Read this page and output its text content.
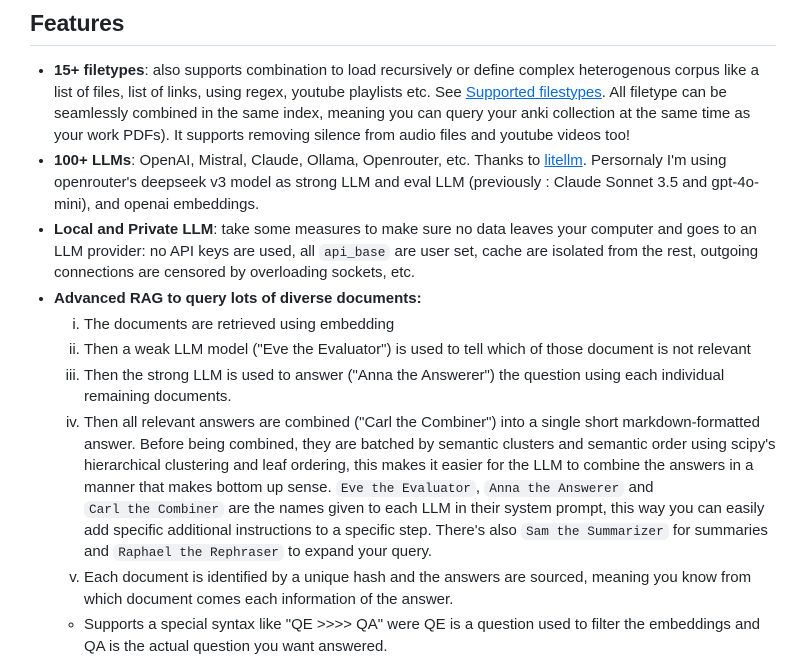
Features
• 15+ filetypes: also supports combination to load recursively or define complex heterogenous corpus like a list of files, list of links, using regex, youtube playlists etc. See Supported filestypes. All filetype can be seamlessly combined in the same index, meaning you can query your anki collection at the same time as your work PDFs). It supports removing silence from audio files and youtube videos too!
• 100+ LLMs: OpenAI, Mistral, Claude, Ollama, Openrouter, etc. Thanks to litellm. Persornaly I'm using openrouter's deepseek v3 model as strong LLM and eval LLM (previously : Claude Sonnet 3.5 and gpt-4o-mini), and openai embeddings.
• Local and Private LLM: take some measures to make sure no data leaves your computer and goes to an LLM provider: no API keys are used, all api_base are user set, cache are isolated from the rest, outgoing connections are censored by overloading sockets, etc.
• Advanced RAG to query lots of diverse documents:
i. The documents are retrieved using embedding
ii. Then a weak LLM model ("Eve the Evaluator") is used to tell which of those document is not relevant
iii. Then the strong LLM is used to answer ("Anna the Answerer") the question using each individual remaining documents.
iv. Then all relevant answers are combined ("Carl the Combiner") into a single short markdown-formatted answer. Before being combined, they are batched by semantic clusters and semantic order using scipy's hierarchical clustering and leaf ordering, this makes it easier for the LLM to combine the answers in a manner that makes bottom up sense. Eve the Evaluator , Anna the Answerer and Carl the Combiner are the names given to each LLM in their system prompt, this way you can easily add specific additional instructions to a specific step. There's also Sam the Summarizer for summaries and Raphael the Rephraser to expand your query.
v. Each document is identified by a unique hash and the answers are sourced, meaning you know from which document comes each information of the answer.
◦ Supports a special syntax like "QE >>>> QA" were QE is a question used to filter the embeddings and QA is the actual question you want answered.
